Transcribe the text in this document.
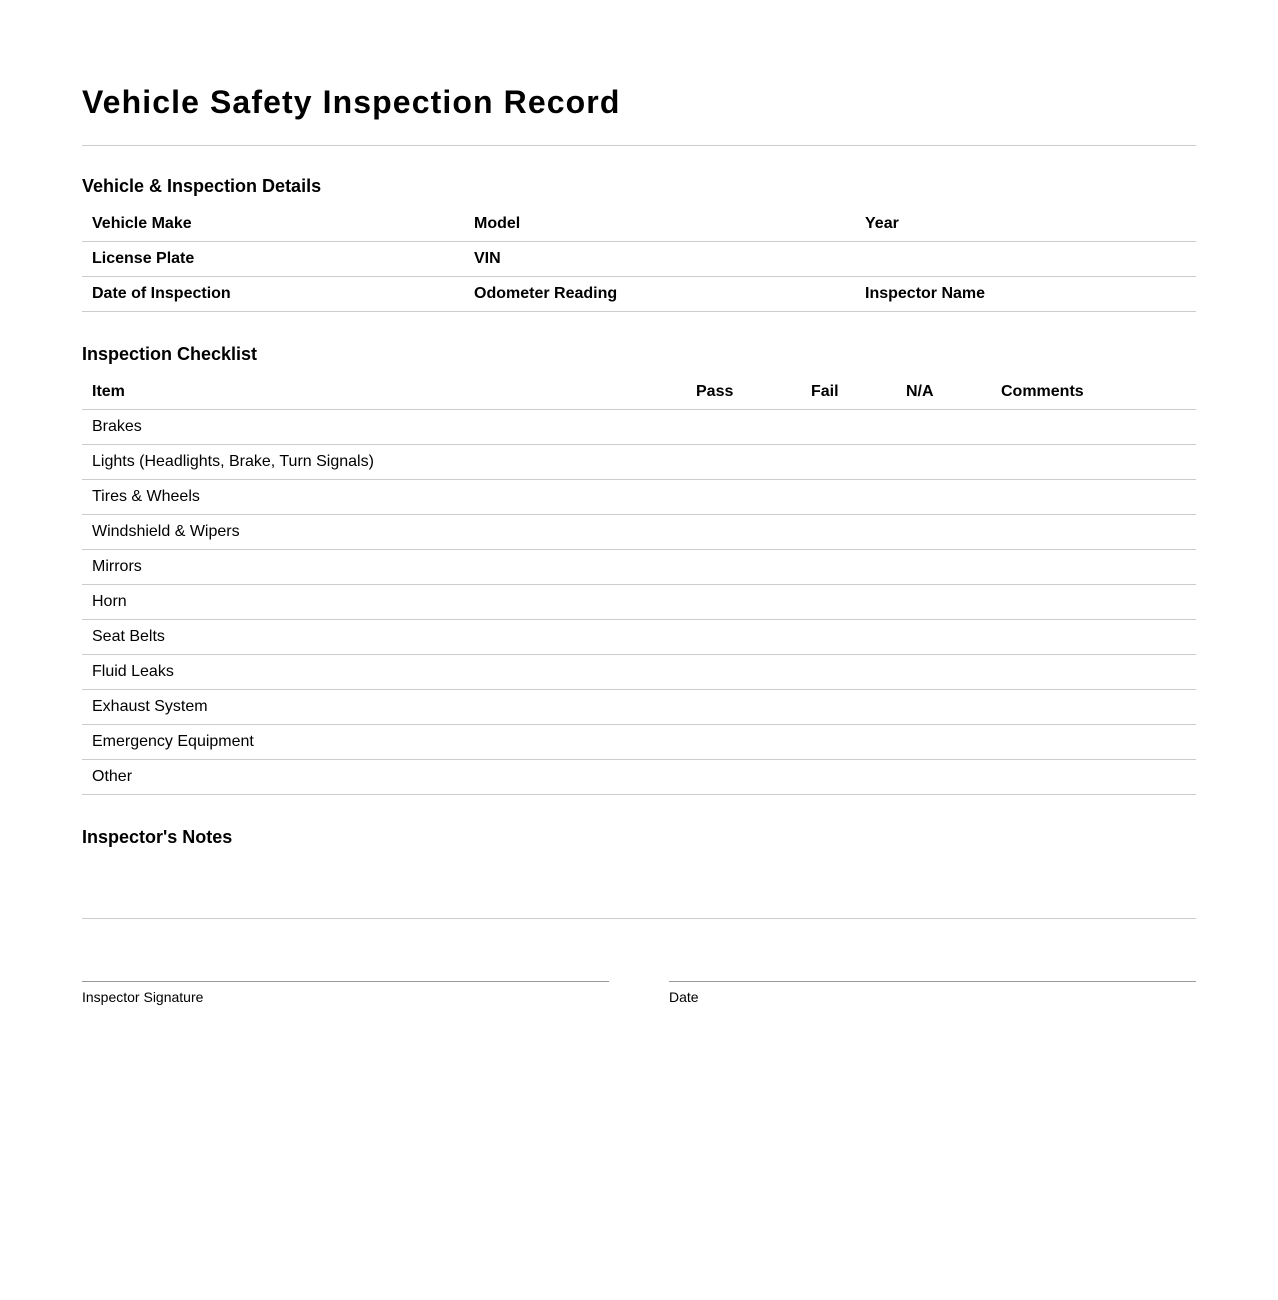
Vehicle Safety Inspection Record
Vehicle & Inspection Details
Vehicle Make	Model	Year
License Plate	VIN
Date of Inspection	Odometer Reading	Inspector Name
Inspection Checklist
Item	Pass	Fail	N/A	Comments
Brakes
Lights (Headlights, Brake, Turn Signals)
Tires & Wheels
Windshield & Wipers
Mirrors
Horn
Seat Belts
Fluid Leaks
Exhaust System
Emergency Equipment
Other
Inspector's Notes
Inspector Signature	Date
